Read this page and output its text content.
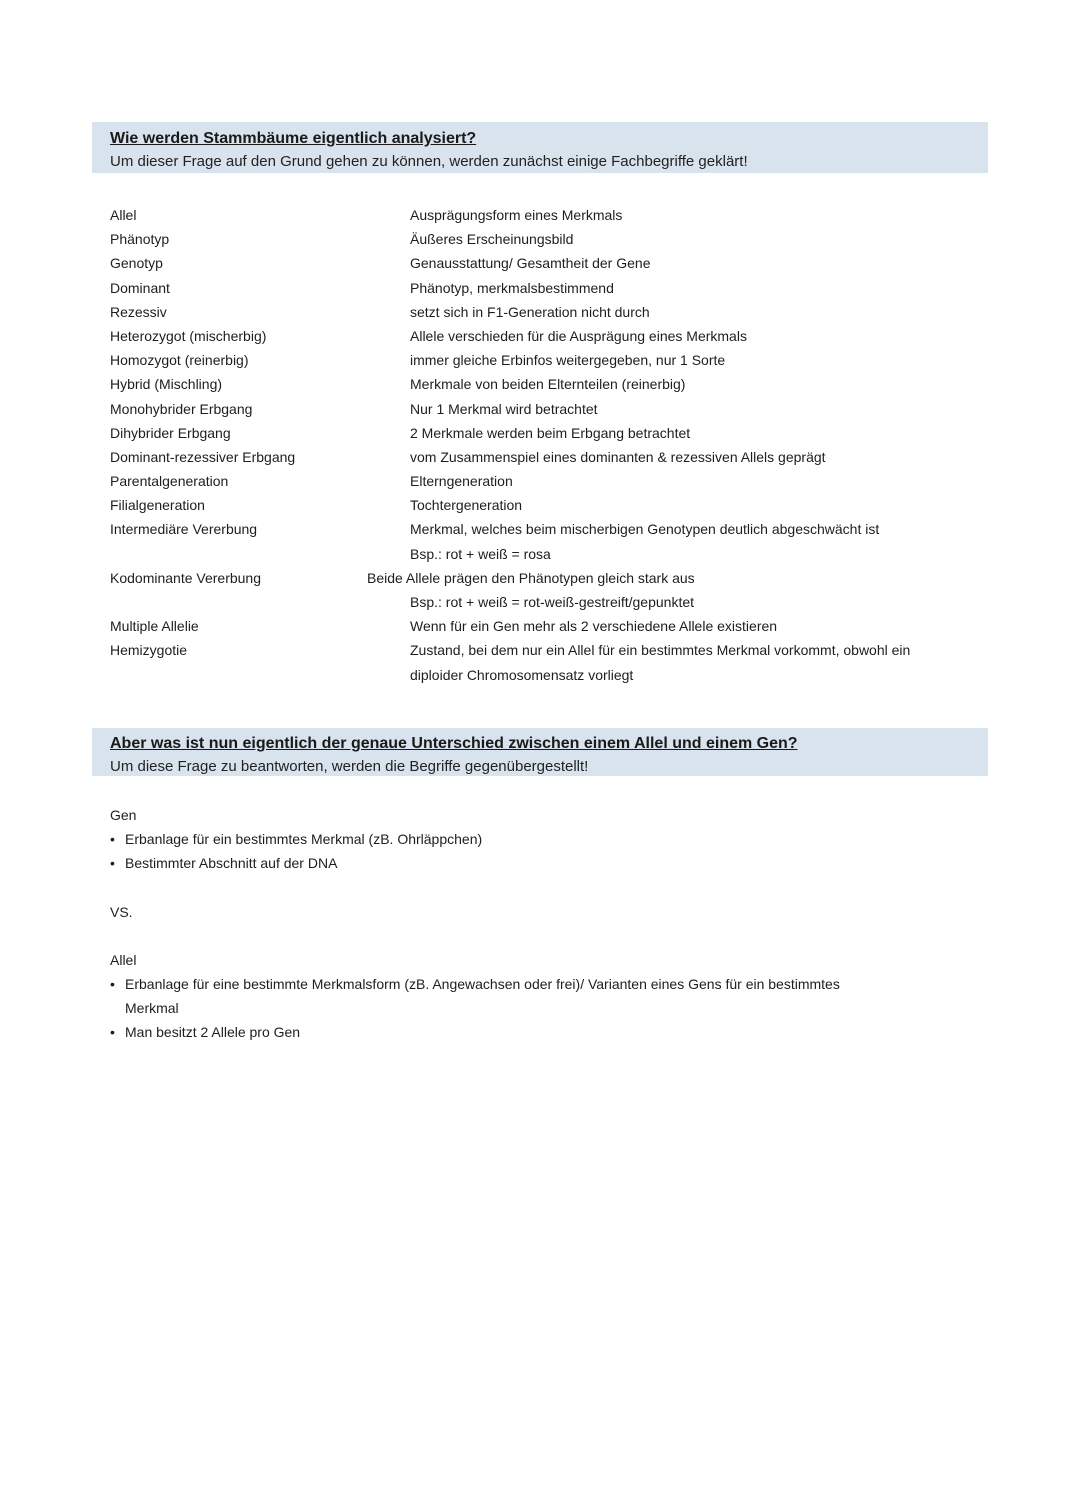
Wie werden Stammbäume eigentlich analysiert?
Um dieser Frage auf den Grund gehen zu können, werden zunächst einige Fachbegriffe geklärt!
Allel	Ausprägungsform eines Merkmals
Phänotyp	Äußeres Erscheinungsbild
Genotyp	Genausstattung/ Gesamtheit der Gene
Dominant	Phänotyp, merkmalsbestimmend
Rezessiv	setzt sich in F1-Generation nicht durch
Heterozygot (mischerbig)	Allele verschieden für die Ausprägung eines Merkmals
Homozygot (reinerbig)	immer gleiche Erbinfos weitergegeben, nur 1 Sorte
Hybrid (Mischling)	Merkmale von beiden Elternteilen (reinerbig)
Monohybrider Erbgang	Nur 1 Merkmal wird betrachtet
Dihybrider Erbgang	2 Merkmale werden beim Erbgang betrachtet
Dominant-rezessiver Erbgang	vom Zusammenspiel eines dominanten & rezessiven Allels geprägt
Parentalgeneration	Elterngeneration
Filialgeneration	Tochtergeneration
Intermediäre Vererbung	Merkmal, welches beim mischerbigen Genotypen deutlich abgeschwächt ist
Bsp.: rot + weiß = rosa
Kodominante Vererbung	Beide Allele prägen den Phänotypen gleich stark aus
Bsp.: rot + weiß = rot-weiß-gestreift/gepunktet
Multiple Allelie	Wenn für ein Gen mehr als 2 verschiedene Allele existieren
Hemizygotie	Zustand, bei dem nur ein Allel für ein bestimmtes Merkmal vorkommt, obwohl ein
diploider Chromosomensatz vorliegt
Aber was ist nun eigentlich der genaue Unterschied zwischen einem Allel und einem Gen?
Um diese Frage zu beantworten, werden die Begriffe gegenübergestellt!
Gen
• Erbanlage für ein bestimmtes Merkmal (zB. Ohrläppchen)
• Bestimmter Abschnitt auf der DNA
VS.
Allel
• Erbanlage für eine bestimmte Merkmalsform (zB. Angewachsen oder frei)/ Varianten eines Gens für ein bestimmtes
Merkmal
• Man besitzt 2 Allele pro Gen
